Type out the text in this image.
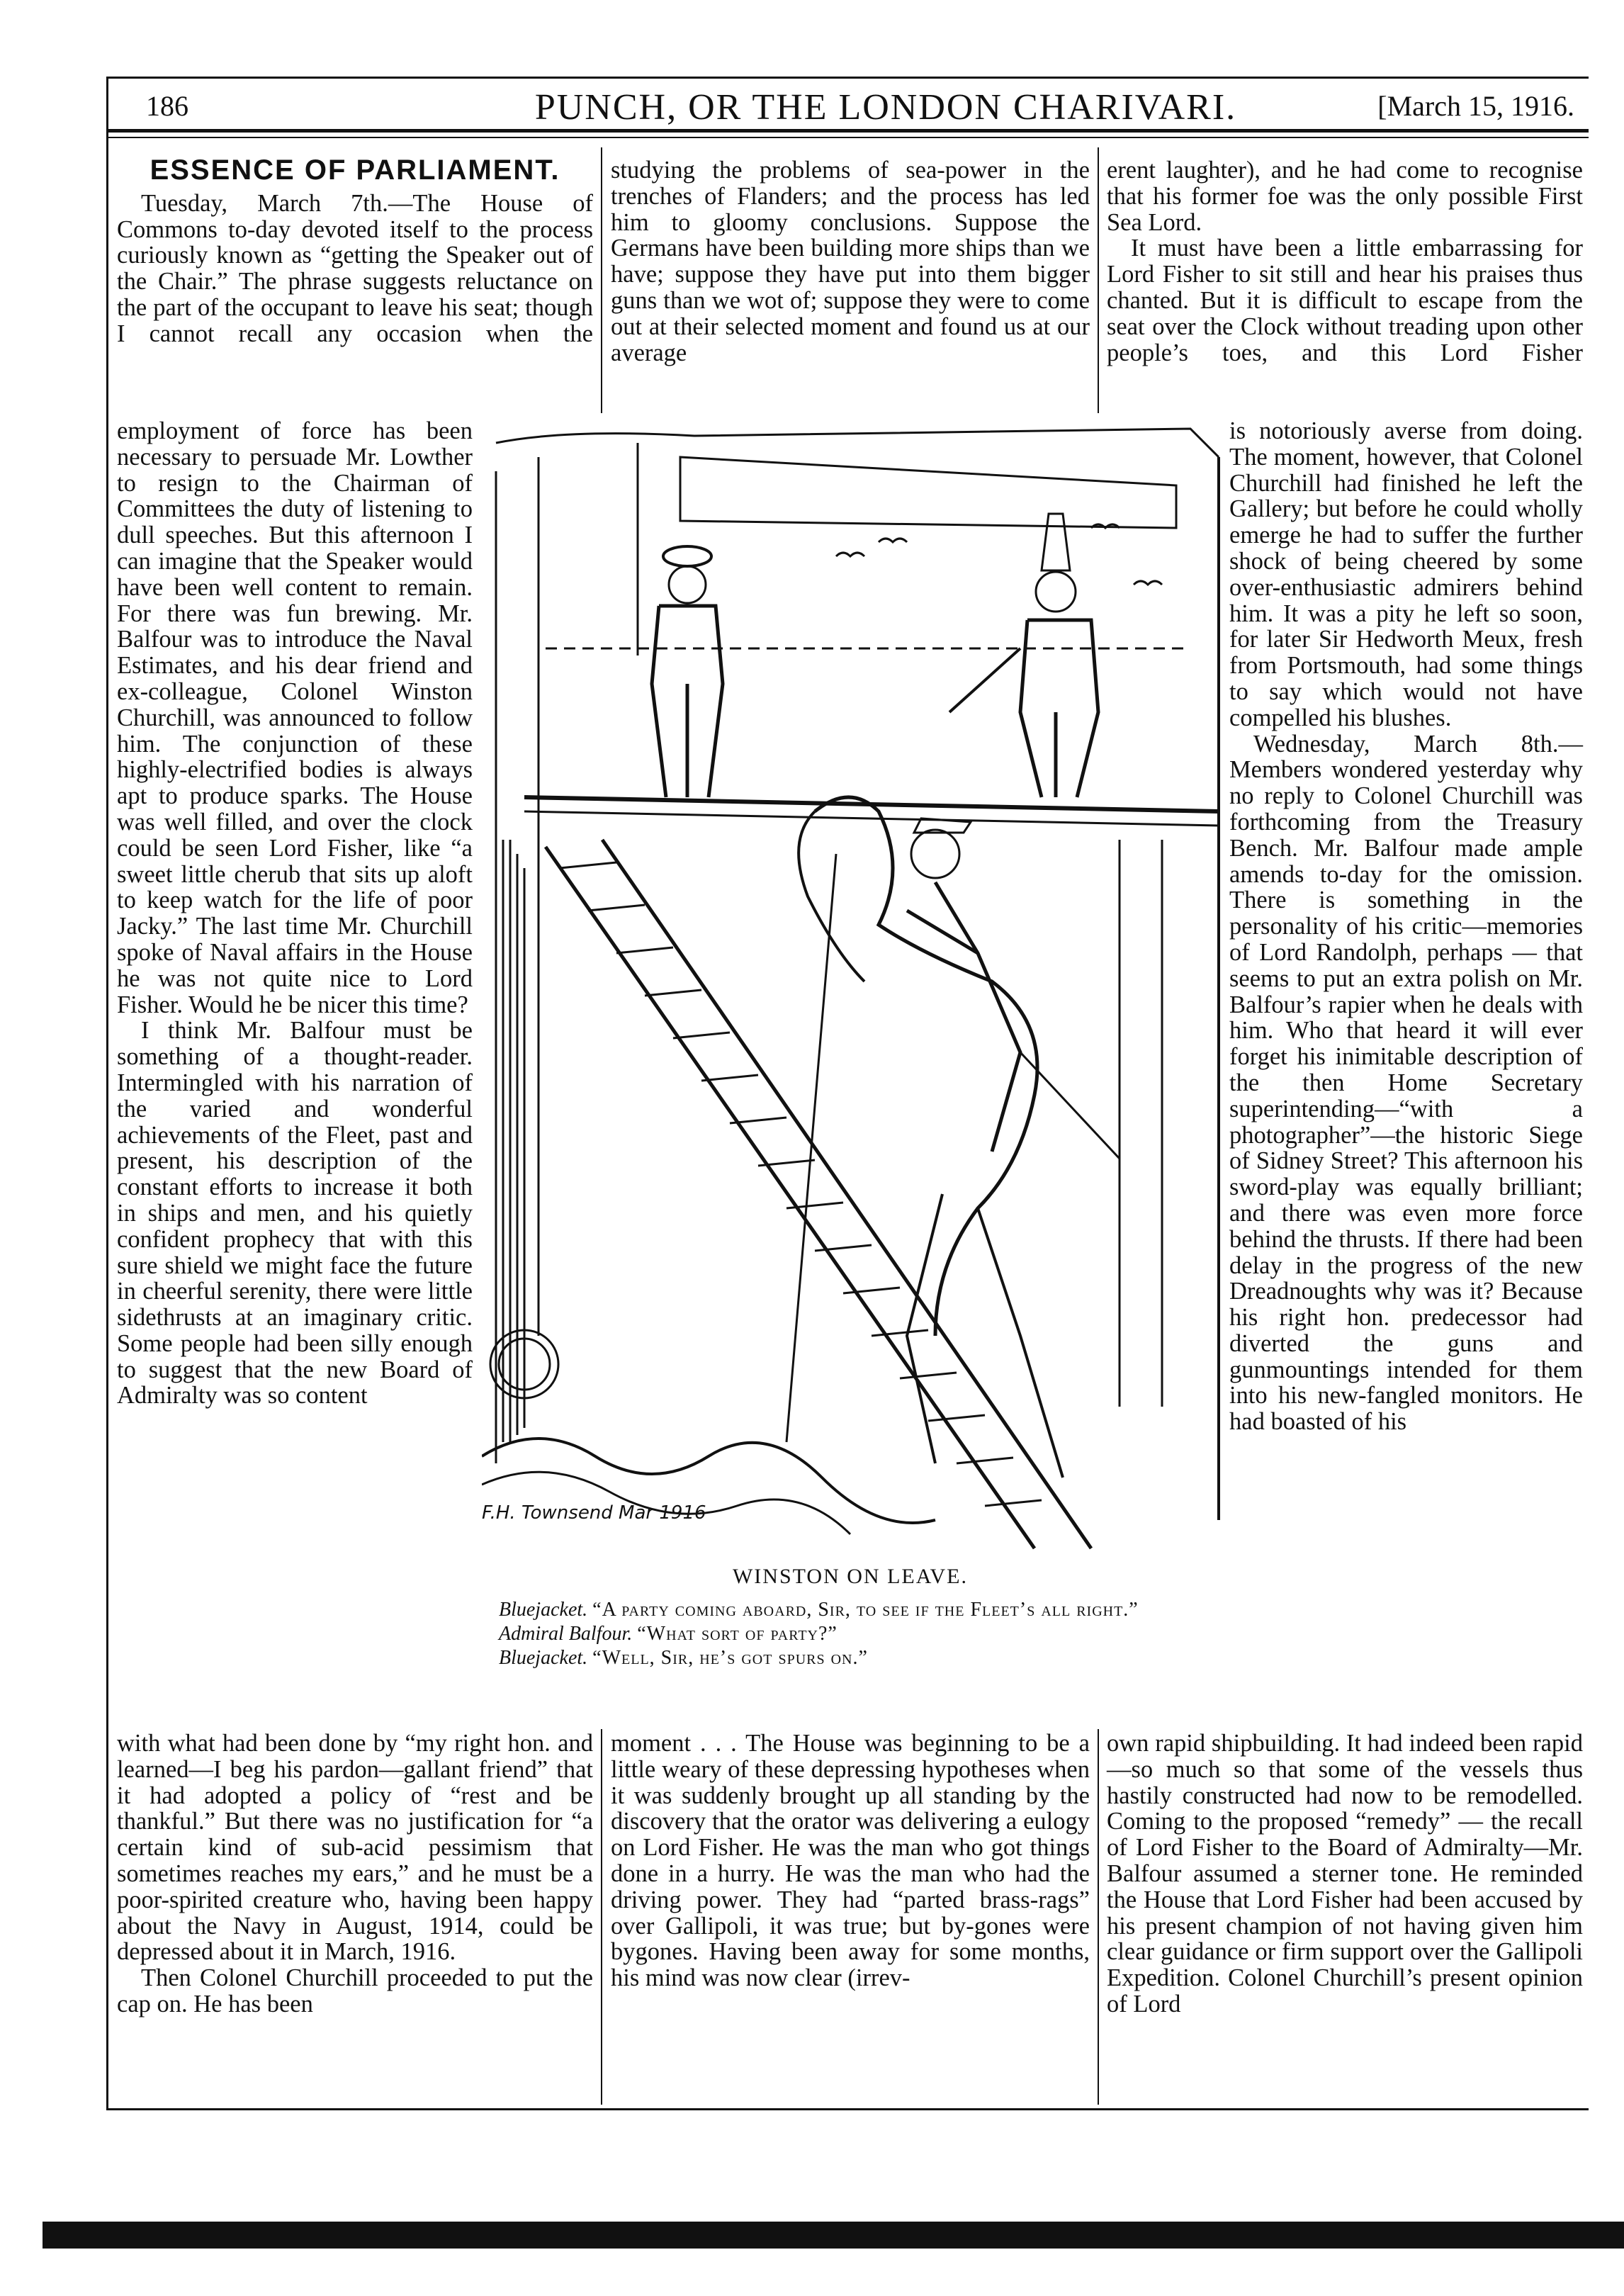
186	PUNCH, OR THE LONDON CHARIVARI.	[March 15, 1916.
ESSENCE OF PARLIAMENT.

Tuesday, March 7th.—The House of Commons to-day devoted itself to the process curiously known as “getting the Speaker out of the Chair.” The phrase suggests reluctance on the part of the occupant to leave his seat; though I cannot recall any occasion when the

employment of force has been necessary to persuade Mr. Lowther to resign to the Chairman of Committees the duty of listening to dull speeches. But this afternoon I can imagine that the Speaker would have been well content to remain. For there was fun brewing. Mr. Balfour was to introduce the Naval Estimates, and his dear friend and ex-colleague, Colonel Winston Churchill, was announced to follow him. The conjunction of these highly-electrified bodies is always apt to produce sparks. The House was well filled, and over the clock could be seen Lord Fisher, like “a sweet little cherub that sits up aloft to keep watch for the life of poor Jacky.” The last time Mr. Churchill spoke of Naval affairs in the House he was not quite nice to Lord Fisher. Would he be nicer this time?

I think Mr. Balfour must be something of a thought-reader. Intermingled with his narration of the varied and wonderful achievements of the Fleet, past and present, his description of the constant efforts to increase it both in ships and men, and his quietly confident prophecy that with this sure shield we might face the future in cheerful serenity, there were little sidethrusts at an imaginary critic. Some people had been silly enough to suggest that the new Board of Admiralty was so content

with what had been done by “my right hon. and learned—I beg his pardon—gallant friend” that it had adopted a policy of “rest and be thankful.” But there was no justification for “a certain kind of sub-acid pessimism that sometimes reaches my ears,” and he must be a poor-spirited creature who, having been happy about the Navy in August, 1914, could be depressed about it in March, 1916.

Then Colonel Churchill proceeded to put the cap on. He has been

studying the problems of sea-power in the trenches of Flanders; and the process has led him to gloomy conclusions. Suppose the Germans have been building more ships than we have; suppose they have put into them bigger guns than we wot of; suppose they were to come out at their selected moment and found us at our average

moment . . . The House was beginning to be a little weary of these depressing hypotheses when it was suddenly brought up all standing by the discovery that the orator was delivering a eulogy on Lord Fisher. He was the man who got things done in a hurry. He was the man who had the driving power. They had “parted brass-rags” over Gallipoli, it was true; but by-gones were bygones. Having been away for some months, his mind was now clear (irrev-

erent laughter), and he had come to recognise that his former foe was the only possible First Sea Lord.

It must have been a little embarrassing for Lord Fisher to sit still and hear his praises thus chanted. But it is difficult to escape from the seat over the Clock without treading upon other people’s toes, and this Lord Fisher

is notoriously averse from doing. The moment, however, that Colonel Churchill had finished he left the Gallery; but before he could wholly emerge he had to suffer the further shock of being cheered by some over-enthusiastic admirers behind him. It was a pity he left so soon, for later Sir Hedworth Meux, fresh from Portsmouth, had some things to say which would not have compelled his blushes.

Wednesday, March 8th.—Members wondered yesterday why no reply to Colonel Churchill was forthcoming from the Treasury Bench. Mr. Balfour made ample amends to-day for the omission. There is something in the personality of his critic—memories of Lord Randolph, perhaps — that seems to put an extra polish on Mr. Balfour’s rapier when he deals with him. Who that heard it will ever forget his inimitable description of the then Home Secretary superintending—“with a photographer”—the historic Siege of Sidney Street? This afternoon his sword-play was equally brilliant; and there was even more force behind the thrusts. If there had been delay in the progress of the new Dreadnoughts why was it? Because his right hon. predecessor had diverted the guns and gunmountings intended for them into his new-fangled monitors. He had boasted of his

own rapid shipbuilding. It had indeed been rapid—so much so that some of the vessels thus hastily constructed had now to be remodelled. Coming to the proposed “remedy” — the recall of Lord Fisher to the Board of Admiralty—Mr. Balfour assumed a sterner tone. He reminded the House that Lord Fisher had been accused by his present champion of not having given him clear guidance or firm support over the Gallipoli Expedition. Colonel Churchill’s present opinion of Lord

F.H. Townsend Mar 1916
WINSTON ON LEAVE.
Bluejacket. “A party coming aboard, Sir, to see if the Fleet’s all right.”
Admiral Balfour. “What sort of party?”
Bluejacket. “Well, Sir, he’s got spurs on.”
